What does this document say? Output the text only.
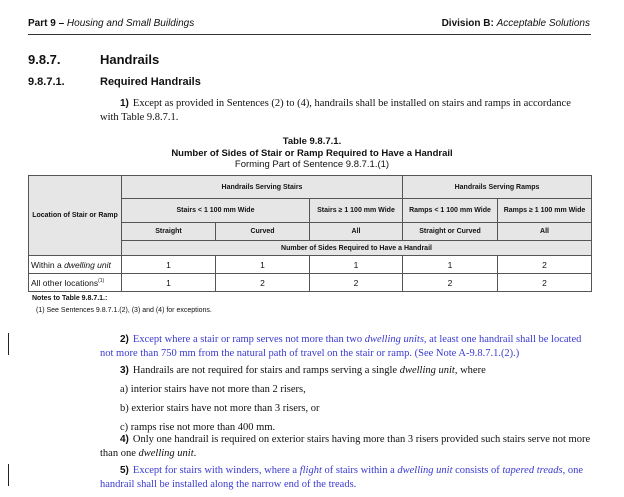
Part 9 – Housing and Small Buildings	Division B: Acceptable Solutions
9.8.7.	Handrails
9.8.7.1.	Required Handrails
1) Except as provided in Sentences (2) to (4), handrails shall be installed on stairs and ramps in accordance with Table 9.8.7.1.
Table 9.8.7.1.
Number of Sides of Stair or Ramp Required to Have a Handrail
Forming Part of Sentence 9.8.7.1.(1)
Location of Stair or Ramp	Handrails Serving Stairs			Handrails Serving Ramps	
	Stairs < 1 100 mm Wide		Stairs ≥ 1 100 mm Wide	Ramps < 1 100 mm Wide	Ramps ≥ 1 100 mm Wide
	Straight	Curved	All	Straight or Curved	All
	Number of Sides Required to Have a Handrail				
Within a dwelling unit	1	1	1	1	2
All other locations$^{(1)}$	1	2	2	2	2
Notes to Table 9.8.7.1.:
(1) See Sentences 9.8.7.1.(2), (3) and (4) for exceptions.
2) Except where a stair or ramp serves not more than two dwelling units, at least one handrail shall be located not more than 750 mm from the natural path of travel on the stair or ramp. (See Note A-9.8.7.1.(2).)
3) Handrails are not required for stairs and ramps serving a single dwelling unit, where
a) interior stairs have not more than 2 risers,
b) exterior stairs have not more than 3 risers, or
c) ramps rise not more than 400 mm.
4) Only one handrail is required on exterior stairs having more than 3 risers provided such stairs serve not more than one dwelling unit.
5) Except for stairs with winders, where a flight of stairs within a dwelling unit consists of tapered treads, one handrail shall be installed along the narrow end of the treads.
